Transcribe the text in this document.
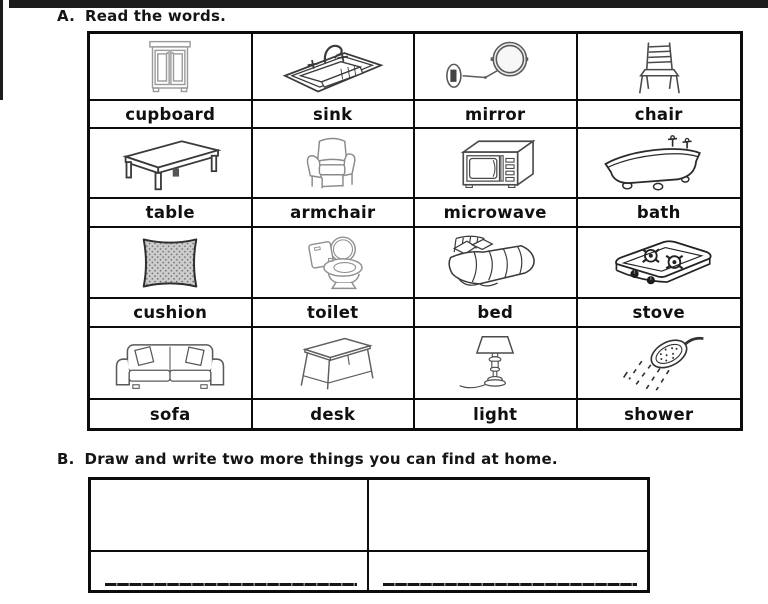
A. Read the words.
cupboard	sink	mirror	chair
table	armchair	microwave	bath
cushion	toilet	bed	stove
sofa	desk	light	shower
B. Draw and write two more things you can find at home.
